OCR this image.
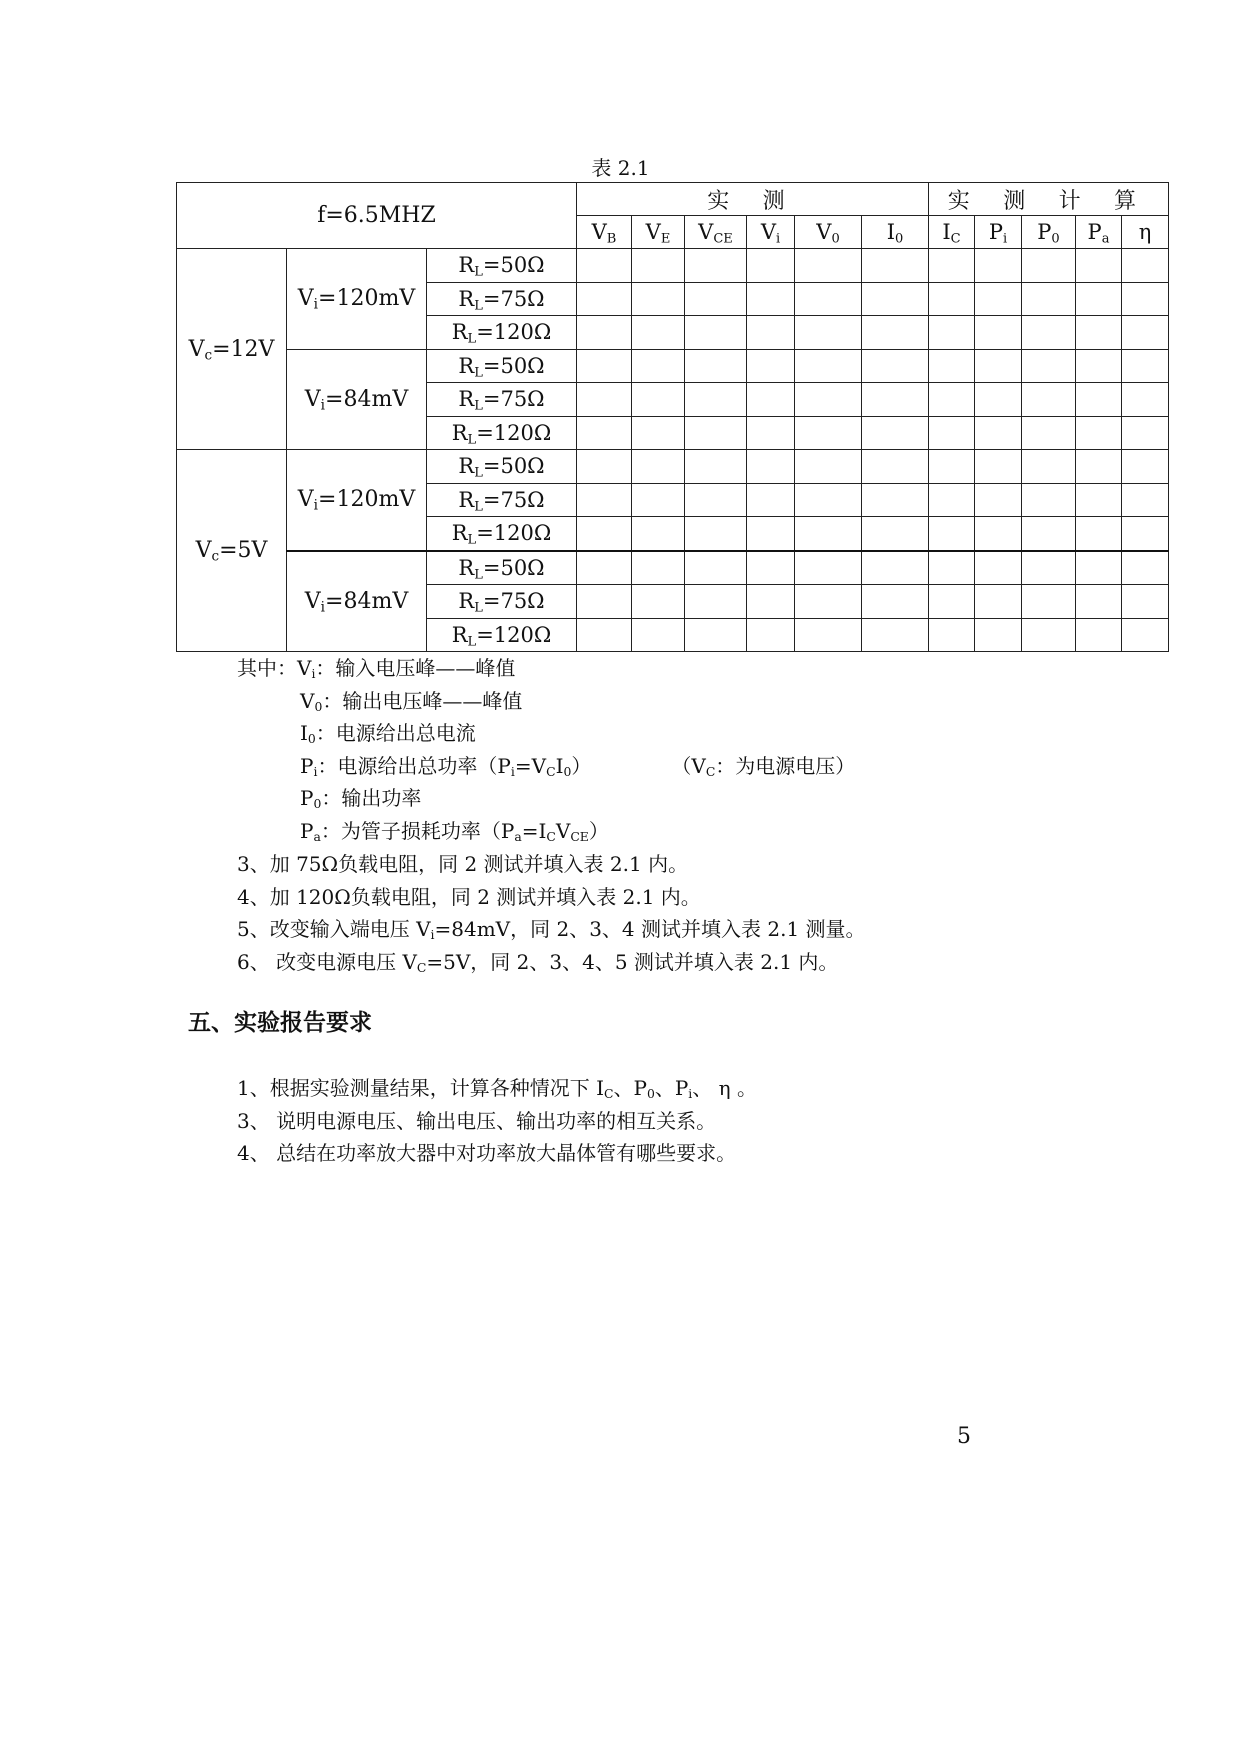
表 2.1
f=6.5MHZ			实 测						实 测 计 算				
			$V_B$	$V_E$	$V_{CE}$	$V_i$	$V_0$	$I_0$	$I_C$	$P_i$	$P_0$	$P_a$	η
$V_c=12V$	$V_i=120mV$	$R_L=50\Omega$											
		$R_L=75\Omega$											
		$R_L=120\Omega$											
	$V_i=84mV$	$R_L=50\Omega$											
		$R_L=75\Omega$											
		$R_L=120\Omega$											
$V_c=5V$	$V_i=120mV$	$R_L=50\Omega$											
		$R_L=75\Omega$											
		$R_L=120\Omega$											
	$V_i=84mV$	$R_L=50\Omega$											
		$R_L=75\Omega$											
		$R_L=120\Omega$											
其中：$V_i$：输入电压峰——峰值
$V_0$：输出电压峰——峰值
$I_0$：电源给出总电流
$P_i$：电源给出总功率$(P_i=V_CI_0)$	（$V_C$：为电源电压）
$P_0$：输出功率
$P_a$：为管子损耗功率$(P_a=I_CV_{CE})$
3、加 75Ω负载电阻，同 2 测试并填入表 2.1 内。
4、加 120Ω负载电阻，同 2 测试并填入表 2.1 内。
5、改变输入端电压 $V_i=84mV$，同 2、3、4 测试并填入表 2.1 测量。
6、 改变电源电压 $V_C=5V$，同 2、3、4、5 测试并填入表 2.1 内。
五、实验报告要求
1、根据实验测量结果，计算各种情况下 $I_C$、$P_0$、$P_i$、 η 。
3、 说明电源电压、输出电压、输出功率的相互关系。
4、 总结在功率放大器中对功率放大晶体管有哪些要求。
5
